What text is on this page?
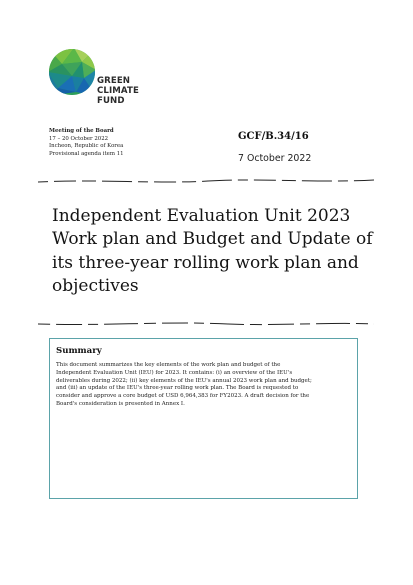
GREEN
CLIMATE
FUND
Meeting of the Board
17 – 20 October 2022
Incheon, Republic of Korea
Provisional agenda item 11
GCF/B.34/16
7 October 2022
Independent Evaluation Unit 2023
Work plan and Budget and Update of
its three-year rolling work plan and
objectives
Summary
This document summarizes the key elements of the work plan and budget of the
Independent Evaluation Unit (IEU) for 2023. It contains: (i) an overview of the IEU's
deliverables during 2022; (ii) key elements of the IEU's annual 2023 work plan and budget;
and (iii) an update of the IEU's three-year rolling work plan. The Board is requested to
consider and approve a core budget of USD 6,964,383 for FY2023. A draft decision for the
Board's consideration is presented in Annex I.
